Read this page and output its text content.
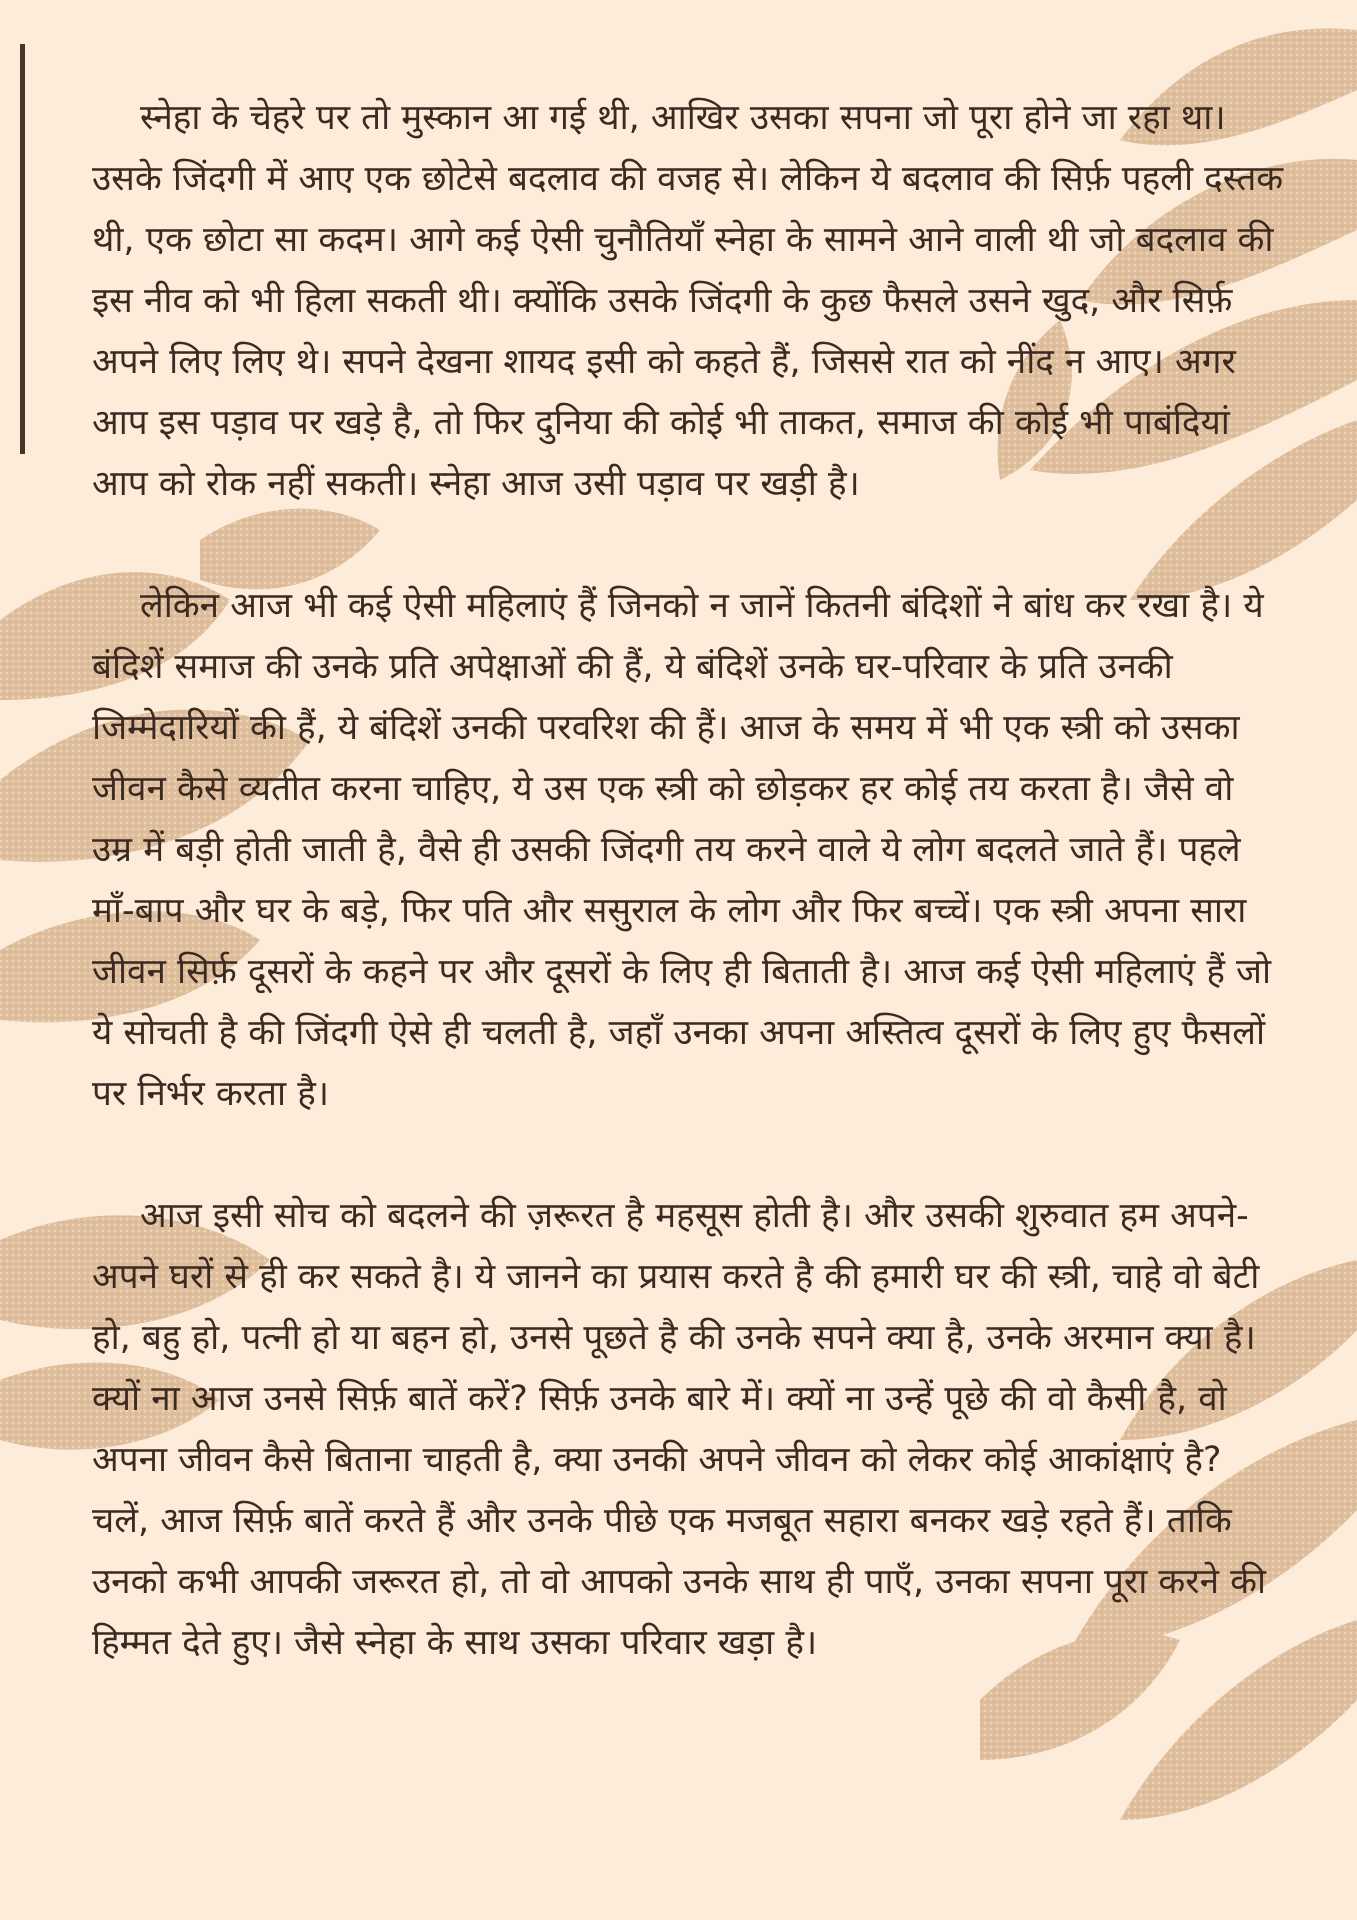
स्नेहा के चेहरे पर तो मुस्कान आ गई थी, आखिर उसका सपना जो पूरा होने जा रहा था। उसके जिंदगी में आए एक छोटेसे बदलाव की वजह से। लेकिन ये बदलाव की सिर्फ़ पहली दस्तक थी, एक छोटा सा कदम। आगे कई ऐसी चुनौतियाँ स्नेहा के सामने आने वाली थी जो बदलाव की इस नीव को भी हिला सकती थी। क्योंकि उसके जिंदगी के कुछ फैसले उसने खुद, और सिर्फ़ अपने लिए लिए थे। सपने देखना शायद इसी को कहते हैं, जिससे रात को नींद न आए। अगर आप इस पड़ाव पर खड़े है, तो फिर दुनिया की कोई भी ताकत, समाज की कोई भी पाबंदियां आप को रोक नहीं सकती। स्नेहा आज उसी पड़ाव पर खड़ी है।

लेकिन आज भी कई ऐसी महिलाएं हैं जिनको न जानें कितनी बंदिशों ने बांध कर रखा है। ये बंदिशें समाज की उनके प्रति अपेक्षाओं की हैं, ये बंदिशें उनके घर-परिवार के प्रति उनकी जिम्मेदारियों की हैं, ये बंदिशें उनकी परवरिश की हैं। आज के समय में भी एक स्त्री को उसका जीवन कैसे व्यतीत करना चाहिए, ये उस एक स्त्री को छोड़कर हर कोई तय करता है। जैसे वो उम्र में बड़ी होती जाती है, वैसे ही उसकी जिंदगी तय करने वाले ये लोग बदलते जाते हैं। पहले माँ-बाप और घर के बड़े, फिर पति और ससुराल के लोग और फिर बच्चें। एक स्त्री अपना सारा जीवन सिर्फ़ दूसरों के कहने पर और दूसरों के लिए ही बिताती है। आज कई ऐसी महिलाएं हैं जो ये सोचती है की जिंदगी ऐसे ही चलती है, जहाँ उनका अपना अस्तित्व दूसरों के लिए हुए फैसलों पर निर्भर करता है।

आज इसी सोच को बदलने की ज़रूरत है महसूस होती है। और उसकी शुरुवात हम अपने-अपने घरों से ही कर सकते है। ये जानने का प्रयास करते है की हमारी घर की स्त्री, चाहे वो बेटी हो, बहु हो, पत्नी हो या बहन हो, उनसे पूछते है की उनके सपने क्या है, उनके अरमान क्या है। क्यों ना आज उनसे सिर्फ़ बातें करें? सिर्फ़ उनके बारे में। क्यों ना उन्हें पूछे की वो कैसी है, वो अपना जीवन कैसे बिताना चाहती है, क्या उनकी अपने जीवन को लेकर कोई आकांक्षाएं है? चलें, आज सिर्फ़ बातें करते हैं और उनके पीछे एक मजबूत सहारा बनकर खड़े रहते हैं। ताकि उनको कभी आपकी जरूरत हो, तो वो आपको उनके साथ ही पाएँ, उनका सपना पूरा करने की हिम्मत देते हुए। जैसे स्नेहा के साथ उसका परिवार खड़ा है।
